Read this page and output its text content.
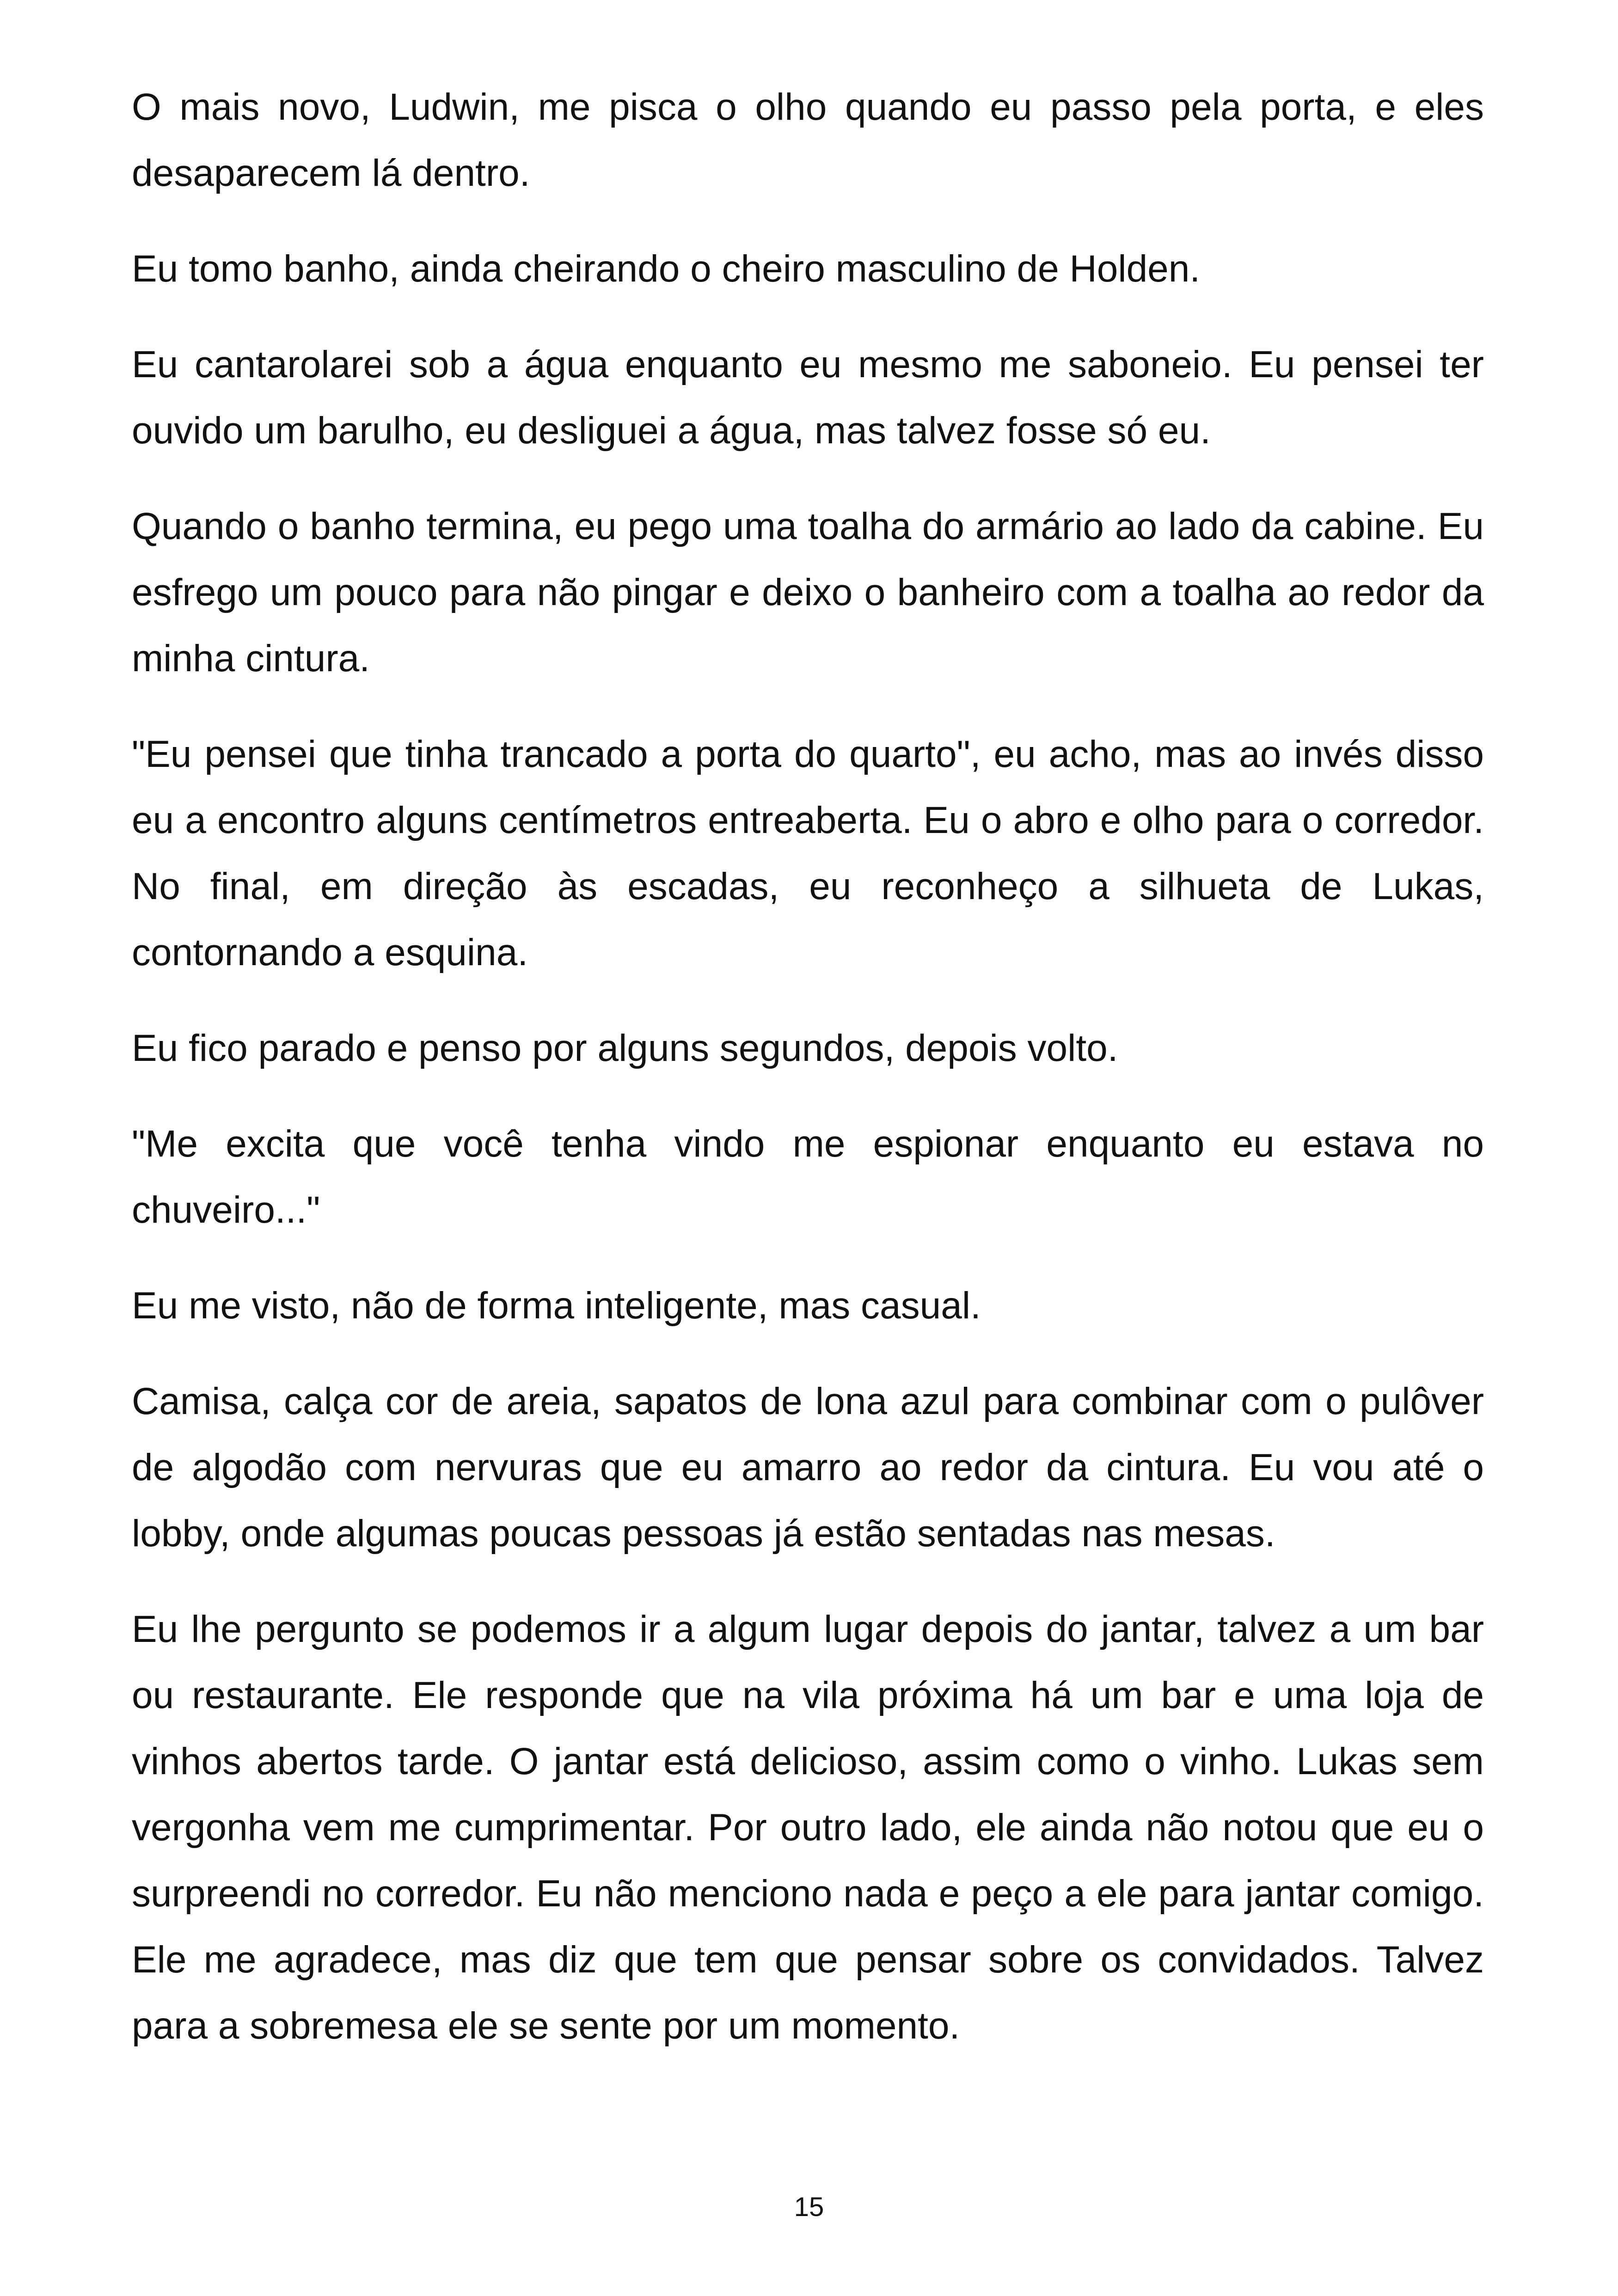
O mais novo, Ludwin, me pisca o olho quando eu passo pela porta, e eles desaparecem lá dentro.

Eu tomo banho, ainda cheirando o cheiro masculino de Holden.

Eu cantarolarei sob a água enquanto eu mesmo me saboneio. Eu pensei ter ouvido um barulho, eu desliguei a água, mas talvez fosse só eu.

Quando o banho termina, eu pego uma toalha do armário ao lado da cabine. Eu esfrego um pouco para não pingar e deixo o banheiro com a toalha ao redor da minha cintura.

"Eu pensei que tinha trancado a porta do quarto", eu acho, mas ao invés disso eu a encontro alguns centímetros entreaberta. Eu o abro e olho para o corredor. No final, em direção às escadas, eu reconheço a silhueta de Lukas, contornando a esquina.

Eu fico parado e penso por alguns segundos, depois volto.

"Me excita que você tenha vindo me espionar enquanto eu estava no chuveiro..."

Eu me visto, não de forma inteligente, mas casual.

Camisa, calça cor de areia, sapatos de lona azul para combinar com o pulôver de algodão com nervuras que eu amarro ao redor da cintura. Eu vou até o lobby, onde algumas poucas pessoas já estão sentadas nas mesas.

Eu lhe pergunto se podemos ir a algum lugar depois do jantar, talvez a um bar ou restaurante. Ele responde que na vila próxima há um bar e uma loja de vinhos abertos tarde. O jantar está delicioso, assim como o vinho. Lukas sem vergonha vem me cumprimentar. Por outro lado, ele ainda não notou que eu o surpreendi no corredor. Eu não menciono nada e peço a ele para jantar comigo. Ele me agradece, mas diz que tem que pensar sobre os convidados. Talvez para a sobremesa ele se sente por um momento.

15
